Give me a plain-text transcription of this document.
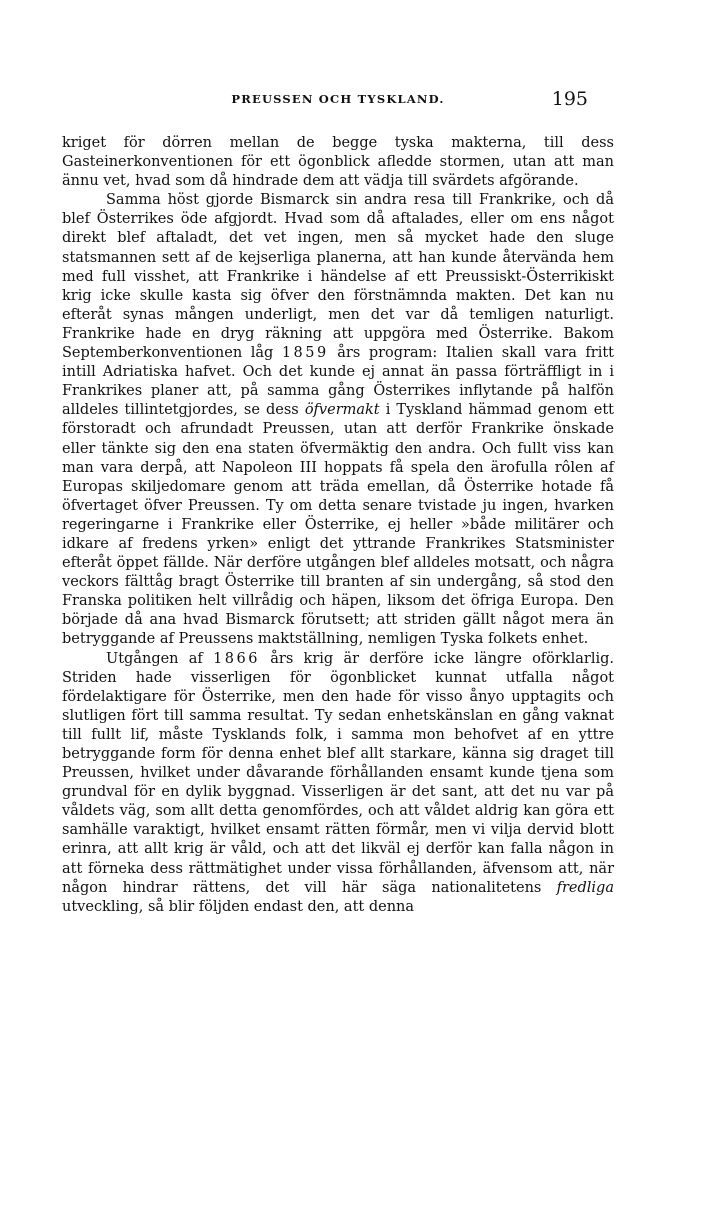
PREUSSEN OCH TYSKLAND.	195

kriget för dörren mellan de begge tyska makterna, till dess Gasteinerkonventionen för ett ögonblick afledde stormen, utan att man ännu vet, hvad som då hindrade dem att vädja till svärdets afgörande.

Samma höst gjorde Bismarck sin andra resa till Frankrike, och då blef Österrikes öde afgjordt. Hvad som då aftalades, eller om ens något direkt blef aftaladt, det vet ingen, men så mycket hade den sluge statsmannen sett af de kejserliga planerna, att han kunde återvända hem med full visshet, att Frankrike i händelse af ett Preussiskt-Österrikiskt krig icke skulle kasta sig öfver den förstnämnda makten. Det kan nu efteråt synas mången underligt, men det var då temligen naturligt. Frankrike hade en dryg räkning att uppgöra med Österrike. Bakom Septemberkonventionen låg 1859 års program: Italien skall vara fritt intill Adriatiska hafvet. Och det kunde ej annat än passa förträffligt in i Frankrikes planer att, på samma gång Österrikes inflytande på halfön alldeles tillintetgjordes, se dess öfvermakt i Tyskland hämmad genom ett förstoradt och afrundadt Preussen, utan att derför Frankrike önskade eller tänkte sig den ena staten öfvermäktig den andra. Och fullt viss kan man vara derpå, att Napoleon III hoppats få spela den ärofulla rôlen af Europas skiljedomare genom att träda emellan, då Österrike hotade få öfvertaget öfver Preussen. Ty om detta senare tvistade ju ingen, hvarken regeringarne i Frankrike eller Österrike, ej heller »både militärer och idkare af fredens yrken» enligt det yttrande Frankrikes Statsminister efteråt öppet fällde. När derföre utgången blef alldeles motsatt, och några veckors fälttåg bragt Österrike till branten af sin undergång, så stod den Franska politiken helt villrådig och häpen, liksom det öfriga Europa. Den började då ana hvad Bismarck förutsett; att striden gällt något mera än betryggande af Preussens maktställning, nemligen Tyska folkets enhet.

Utgången af 1866 års krig är derföre icke längre oförklarlig. Striden hade visserligen för ögonblicket kunnat utfalla något fördelaktigare för Österrike, men den hade för visso ånyo upptagits och slutligen fört till samma resultat. Ty sedan enhetskänslan en gång vaknat till fullt lif, måste Tysklands folk, i samma mon behofvet af en yttre betryggande form för denna enhet blef allt starkare, känna sig draget till Preussen, hvilket under dåvarande förhållanden ensamt kunde tjena som grundval för en dylik byggnad. Visserligen är det sant, att det nu var på våldets väg, som allt detta genomfördes, och att våldet aldrig kan göra ett samhälle varaktigt, hvilket ensamt rätten förmår, men vi vilja dervid blott erinra, att allt krig är våld, och att det likväl ej derför kan falla någon in att förneka dess rättmätighet under vissa förhållanden, äfvensom att, när någon hindrar rättens, det vill här säga nationalitetens fredliga utveckling, så blir följden endast den, att denna
